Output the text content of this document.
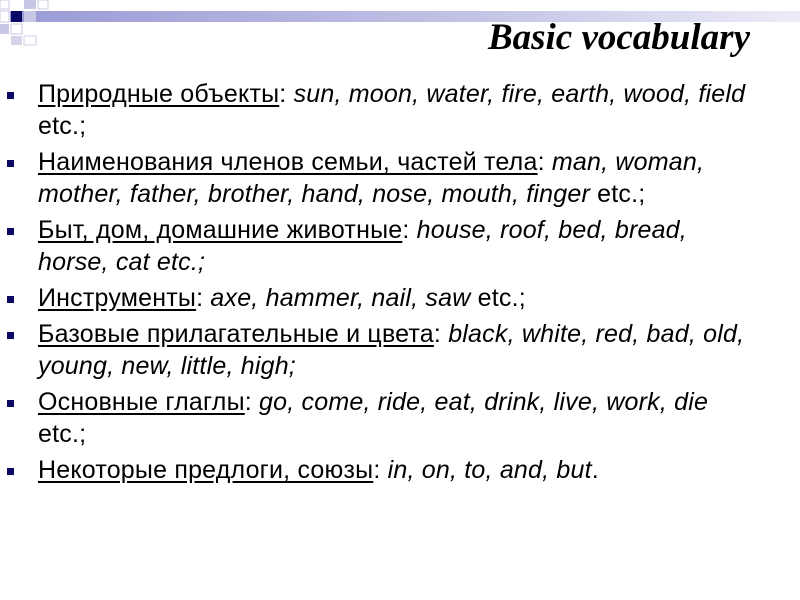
Basic vocabulary
Природные объекты: sun, moon, water, fire, earth, wood, field etc.;
Наименования членов семьи, частей тела: man, woman, mother, father, brother, hand, nose, mouth, finger etc.;
Быт, дом, домашние животные: house, roof, bed, bread, horse, cat etc.;
Инструменты: axe, hammer, nail, saw etc.;
Базовые прилагательные и цвета: black, white, red, bad, old, young, new, little, high;
Основные глаглы: go, come, ride, eat, drink, live, work, die etc.;
Некоторые предлоги, союзы: in, on, to, and, but.
